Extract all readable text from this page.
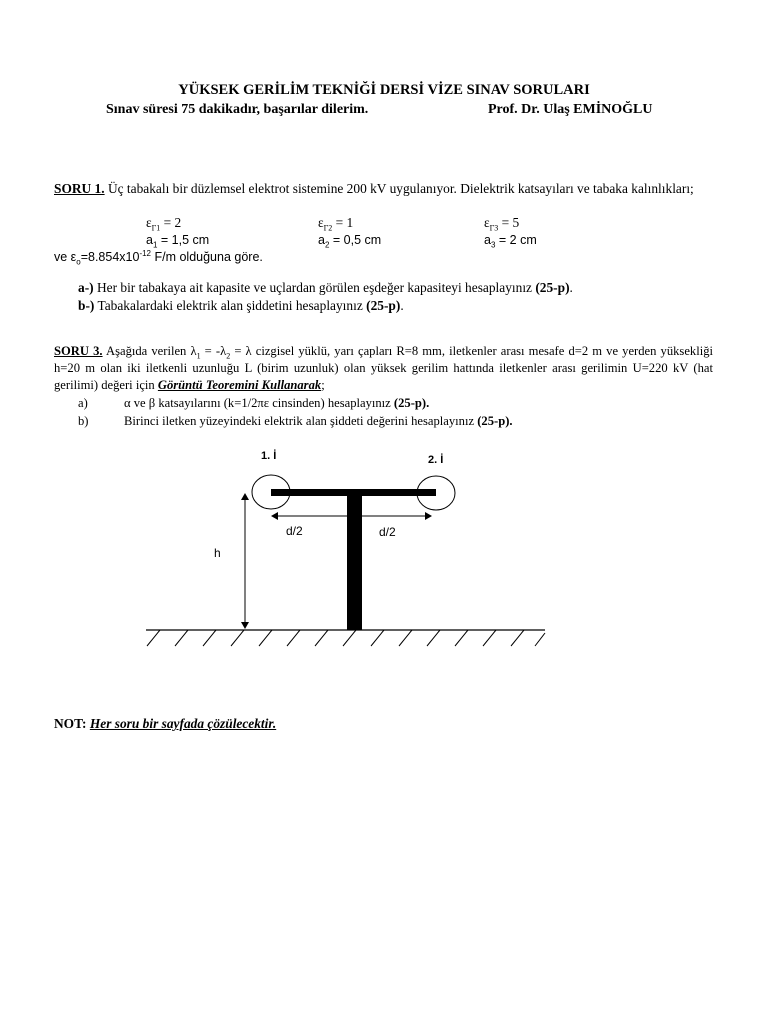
YÜKSEK GERİLİM TEKNİĞİ DERSİ VİZE SINAV SORULARI
Sınav süresi 75 dakikadır, başarılar dilerim.	Prof. Dr. Ulaş EMİNOĞLU
SORU 1. Üç tabakalı bir düzlemsel elektrot sistemine 200 kV uygulanıyor. Dielektrik katsayıları ve tabaka kalınlıkları;
$\varepsilon_{\Gamma 1} = 2$	$\varepsilon_{\Gamma 2} = 1$	$\varepsilon_{\Gamma 3} = 5$
$a_1 = 1,5$ cm	$a_2 = 0,5$ cm	$a_3 = 2$ cm
ve $\varepsilon_o=8.854x10^{-12}$ F/m olduğuna göre.
a-) Her bir tabakaya ait kapasite ve uçlardan görülen eşdeğer kapasiteyi hesaplayınız (25-p).
b-) Tabakalardaki elektrik alan şiddetini hesaplayınız (25-p).
SORU 3. Aşağıda verilen $\lambda_1 = -\lambda_2 = \lambda$ cizgisel yüklü, yarı çapları R=8 mm, iletkenler arası mesafe d=2 m ve yerden yüksekliği h=20 m olan iki iletkenli uzunluğu L (birim uzunluk) olan yüksek gerilim hattında iletkenler arası gerilimin U=220 kV (hat gerilimi) değeri için Görüntü Teoremini Kullanarak;
a)	α ve β katsayılarını (k=1/2πε cinsinden) hesaplayınız (25-p).
b)	Birinci iletken yüzeyindeki elektrik alan şiddeti değerini hesaplayınız (25-p).
1. İ	2. İ
d/2	d/2
h
NOT: Her soru bir sayfada çözülecektir.
